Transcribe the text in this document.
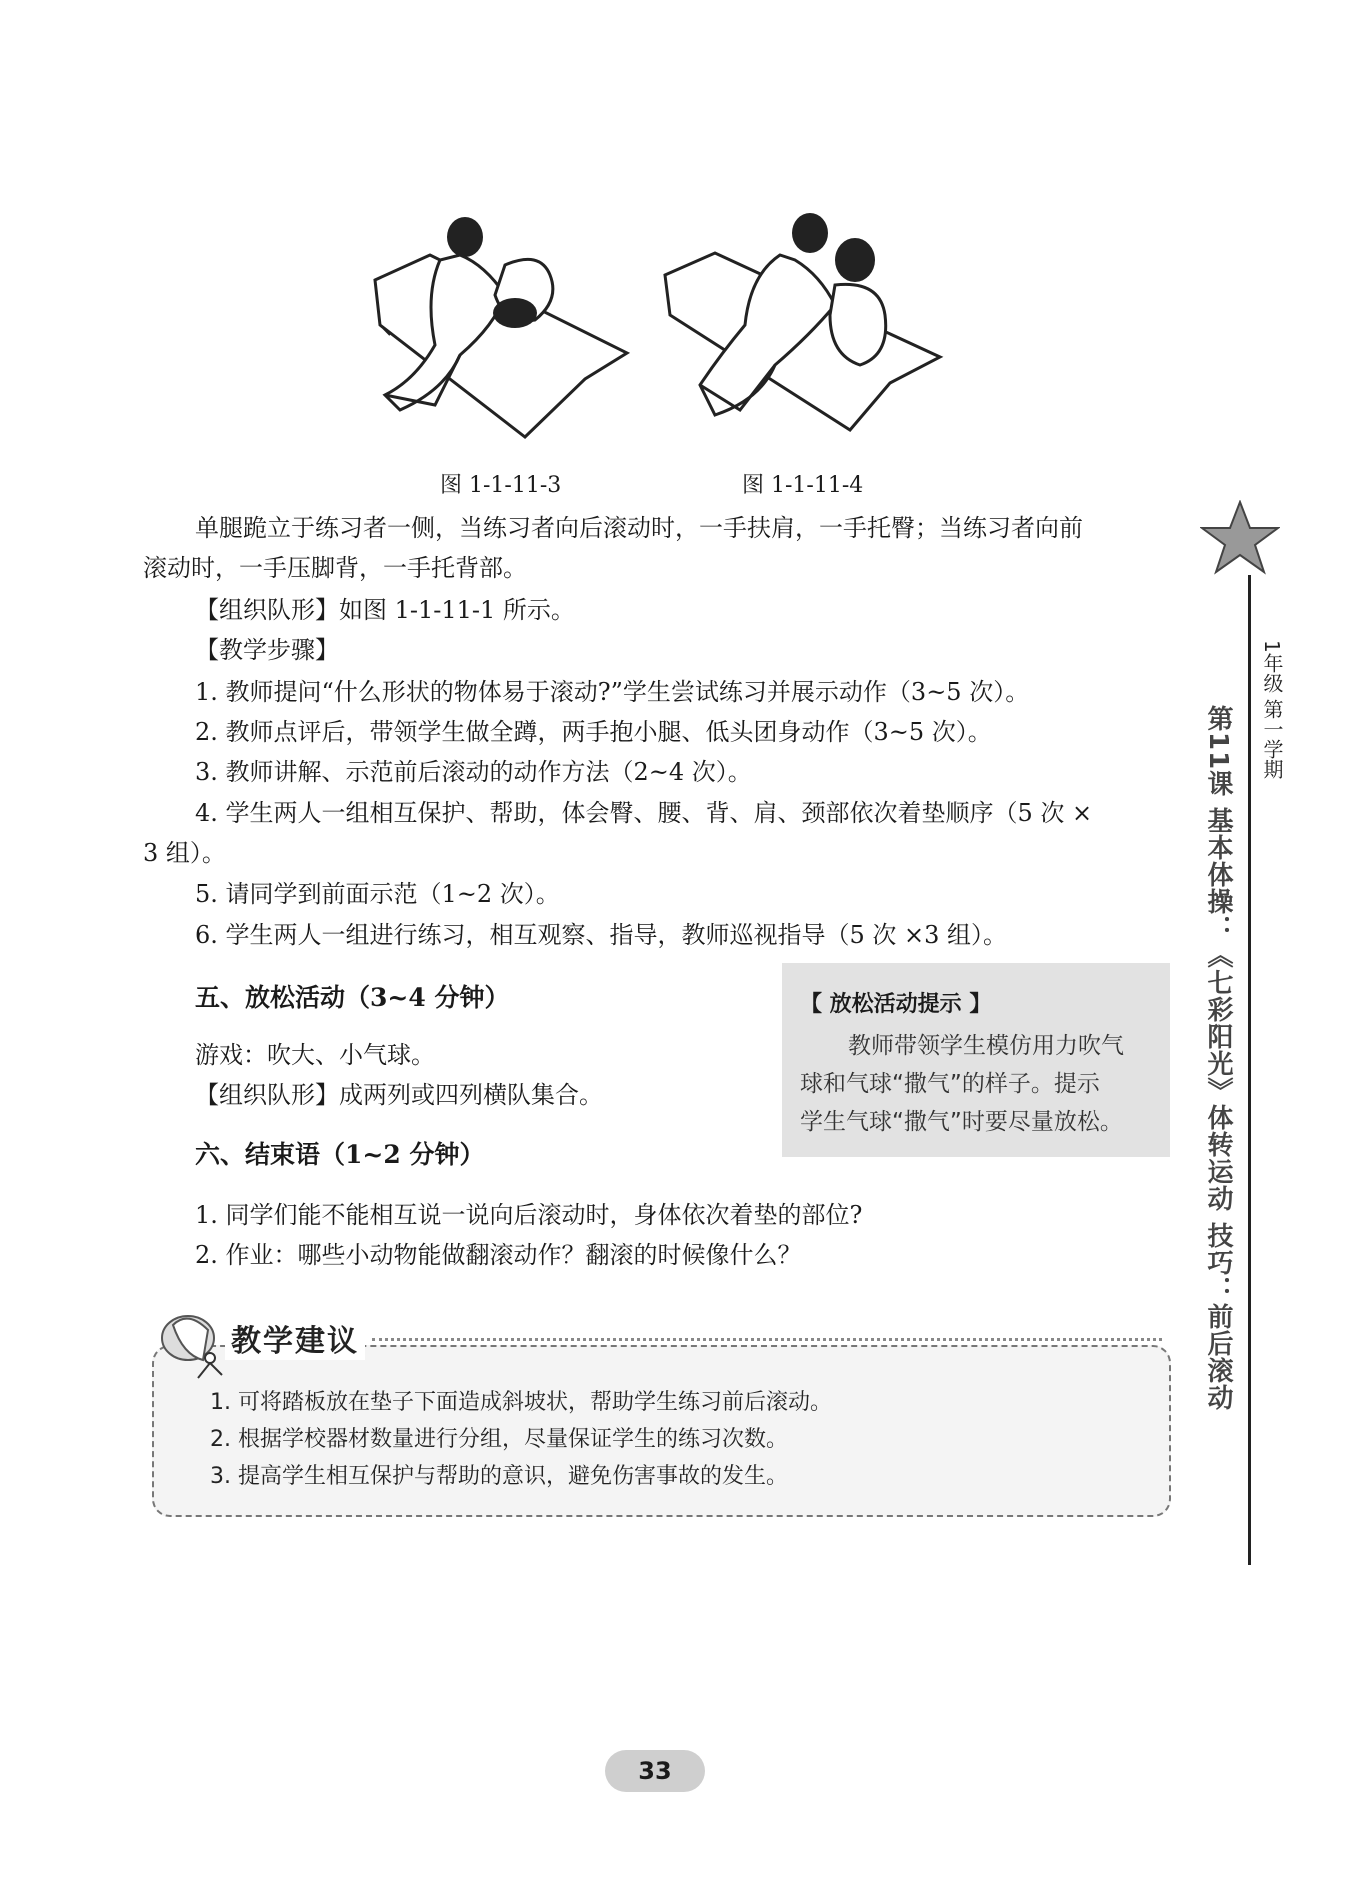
图 1-1-11-3	图 1-1-11-4
单腿跪立于练习者一侧，当练习者向后滚动时，一手扶肩，一手托臀；当练习者向前
滚动时，一手压脚背，一手托背部。
【组织队形】如图 1-1-11-1 所示。
【教学步骤】
1. 教师提问“什么形状的物体易于滚动?”学生尝试练习并展示动作（3~5 次）。
2. 教师点评后，带领学生做全蹲，两手抱小腿、低头团身动作（3~5 次）。
3. 教师讲解、示范前后滚动的动作方法（2~4 次）。
4. 学生两人一组相互保护、帮助，体会臀、腰、背、肩、颈部依次着垫顺序（5 次 ×
3 组）。
5. 请同学到前面示范（1~2 次）。
6. 学生两人一组进行练习，相互观察、指导，教师巡视指导（5 次 ×3 组）。
五、放松活动（3~4 分钟）
游戏：吹大、小气球。
【组织队形】成两列或四列横队集合。
六、结束语（1~2 分钟）
1. 同学们能不能相互说一说向后滚动时，身体依次着垫的部位?
2. 作业：哪些小动物能做翻滚动作？翻滚的时候像什么？
【 放松活动提示 】
教师带领学生模仿用力吹气
球和气球“撒气”的样子。提示
学生气球“撒气”时要尽量放松。
教学建议
1. 可将踏板放在垫子下面造成斜坡状，帮助学生练习前后滚动。
2. 根据学校器材数量进行分组，尽量保证学生的练习次数。
3. 提高学生相互保护与帮助的意识，避免伤害事故的发生。
1年级 第一学期
第11课 基本体操：《七彩阳光》体转运动 技巧：前后滚动
33
